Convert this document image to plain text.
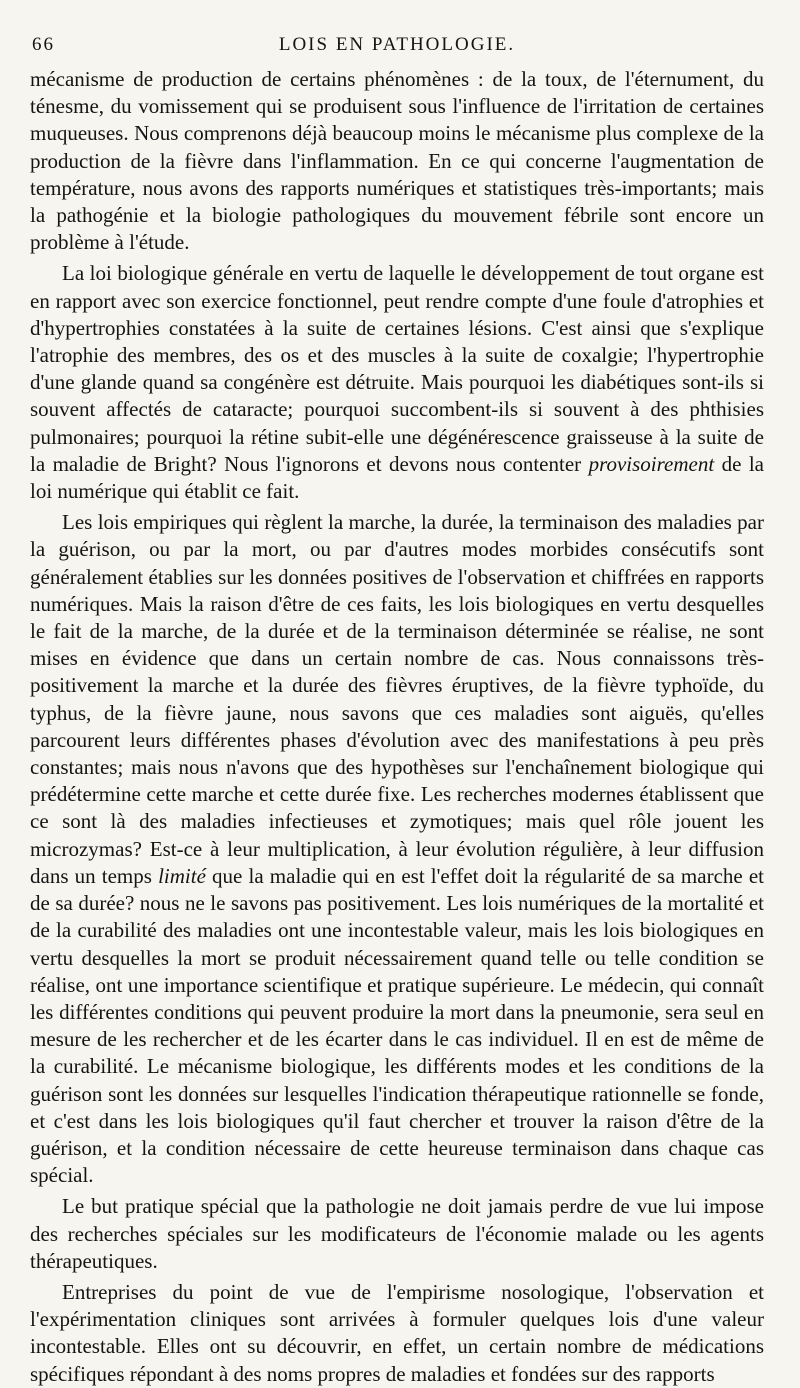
66	LOIS EN PATHOLOGIE.

mécanisme de production de certains phénomènes : de la toux, de l'éternument, du ténesme, du vomissement qui se produisent sous l'influence de l'irritation de certaines muqueuses. Nous comprenons déjà beaucoup moins le mécanisme plus complexe de la production de la fièvre dans l'inflammation. En ce qui concerne l'augmentation de température, nous avons des rapports numériques et statistiques très-importants; mais la pathogénie et la biologie pathologiques du mouvement fébrile sont encore un problème à l'étude.

La loi biologique générale en vertu de laquelle le développement de tout organe est en rapport avec son exercice fonctionnel, peut rendre compte d'une foule d'atrophies et d'hypertrophies constatées à la suite de certaines lésions. C'est ainsi que s'explique l'atrophie des membres, des os et des muscles à la suite de coxalgie; l'hypertrophie d'une glande quand sa congénère est détruite. Mais pourquoi les diabétiques sont-ils si souvent affectés de cataracte; pourquoi succombent-ils si souvent à des phthisies pulmonaires; pourquoi la rétine subit-elle une dégénérescence graisseuse à la suite de la maladie de Bright? Nous l'ignorons et devons nous contenter provisoirement de la loi numérique qui établit ce fait.

Les lois empiriques qui règlent la marche, la durée, la terminaison des maladies par la guérison, ou par la mort, ou par d'autres modes morbides consécutifs sont généralement établies sur les données positives de l'observation et chiffrées en rapports numériques. Mais la raison d'être de ces faits, les lois biologiques en vertu desquelles le fait de la marche, de la durée et de la terminaison déterminée se réalise, ne sont mises en évidence que dans un certain nombre de cas. Nous connaissons très-positivement la marche et la durée des fièvres éruptives, de la fièvre typhoïde, du typhus, de la fièvre jaune, nous savons que ces maladies sont aiguës, qu'elles parcourent leurs différentes phases d'évolution avec des manifestations à peu près constantes; mais nous n'avons que des hypothèses sur l'enchaînement biologique qui prédétermine cette marche et cette durée fixe. Les recherches modernes établissent que ce sont là des maladies infectieuses et zymotiques; mais quel rôle jouent les microzymas? Est-ce à leur multiplication, à leur évolution régulière, à leur diffusion dans un temps limité que la maladie qui en est l'effet doit la régularité de sa marche et de sa durée? nous ne le savons pas positivement. Les lois numériques de la mortalité et de la curabilité des maladies ont une incontestable valeur, mais les lois biologiques en vertu desquelles la mort se produit nécessairement quand telle ou telle condition se réalise, ont une importance scientifique et pratique supérieure. Le médecin, qui connaît les différentes conditions qui peuvent produire la mort dans la pneumonie, sera seul en mesure de les rechercher et de les écarter dans le cas individuel. Il en est de même de la curabilité. Le mécanisme biologique, les différents modes et les conditions de la guérison sont les données sur lesquelles l'indication thérapeutique rationnelle se fonde, et c'est dans les lois biologiques qu'il faut chercher et trouver la raison d'être de la guérison, et la condition nécessaire de cette heureuse terminaison dans chaque cas spécial.

Le but pratique spécial que la pathologie ne doit jamais perdre de vue lui impose des recherches spéciales sur les modificateurs de l'économie malade ou les agents thérapeutiques.

Entreprises du point de vue de l'empirisme nosologique, l'observation et l'expérimentation cliniques sont arrivées à formuler quelques lois d'une valeur incontestable. Elles ont su découvrir, en effet, un certain nombre de médications spécifiques répondant à des noms propres de maladies et fondées sur des rapports
